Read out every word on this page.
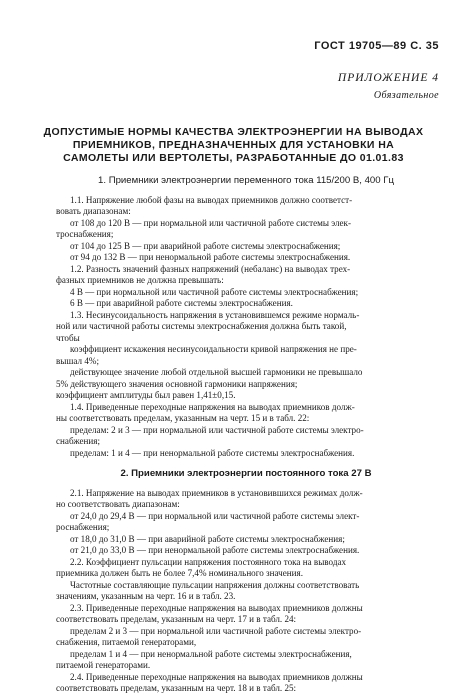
ГОСТ 19705—89 С. 35
ПРИЛОЖЕНИЕ 4
Обязательное
ДОПУСТИМЫЕ НОРМЫ КАЧЕСТВА ЭЛЕКТРОЭНЕРГИИ НА ВЫВОДАХ
ПРИЕМНИКОВ, ПРЕДНАЗНАЧЕННЫХ ДЛЯ УСТАНОВКИ НА
САМОЛЕТЫ ИЛИ ВЕРТОЛЕТЫ, РАЗРАБОТАННЫЕ ДО 01.01.83
1. Приемники электроэнергии переменного тока 115/200 В, 400 Гц
1.1. Напряжение любой фазы на выводах приемников должно соответст-
вовать диапазонам:
от 108 до 120 В — при нормальной или частичной работе системы элек-
троснабжения;
от 104 до 125 В — при аварийной работе системы электроснабжения;
от 94 до 132 В — при ненормальной работе системы электроснабжения.
1.2. Разность значений фазных напряжений (небаланс) на выводах трех-
фазных приемников не должна превышать:
4 В — при нормальной или частичной работе системы электроснабжения;
6 В — при аварийной работе системы электроснабжения.
1.3. Несинусоидальность напряжения в установившемся режиме нормаль-
ной или частичной работы системы электроснабжения должна быть такой,
чтобы
коэффициент искажения несинусоидальности кривой напряжения не пре-
вышал 4%;
действующее значение любой отдельной высшей гармоники не превышало
5% действующего значения основной гармоники напряжения;
коэффициент амплитуды был равен 1,41±0,15.
1.4. Приведенные переходные напряжения на выводах приемников долж-
ны соответствовать пределам, указанным на черт. 15 и в табл. 22:
пределам: 2 и 3 — при нормальной или частичной работе системы электро-
снабжения;
пределам: 1 и 4 — при ненормальной работе системы электроснабжения.
2. Приемники электроэнергии постоянного тока 27 В
2.1. Напряжение на выводах приемников в установившихся режимах долж-
но соответствовать диапазонам:
от 24,0 до 29,4 В — при нормальной или частичной работе системы элект-
роснабжения;
от 18,0 до 31,0 В — при аварийной работе системы электроснабжения;
от 21,0 до 33,0 В — при ненормальной работе системы электроснабжения.
2.2. Коэффициент пульсации напряжения постоянного тока на выводах
приемника должен быть не более 7,4% номинального значения.
Частотные составляющие пульсации напряжения должны соответствовать
значениям, указанным на черт. 16 и в табл. 23.
2.3. Приведенные переходные напряжения на выводах приемников должны
соответствовать пределам, указанным на черт. 17 и в табл. 24:
пределам 2 и 3 — при нормальной или частичной работе системы электро-
снабжения, питаемой генераторами,
пределам 1 и 4 — при ненормальной работе системы электроснабжения,
питаемой генераторами.
2.4. Приведенные переходные напряжения на выводах приемников должны
соответствовать пределам, указанным на черт. 18 и в табл. 25:
